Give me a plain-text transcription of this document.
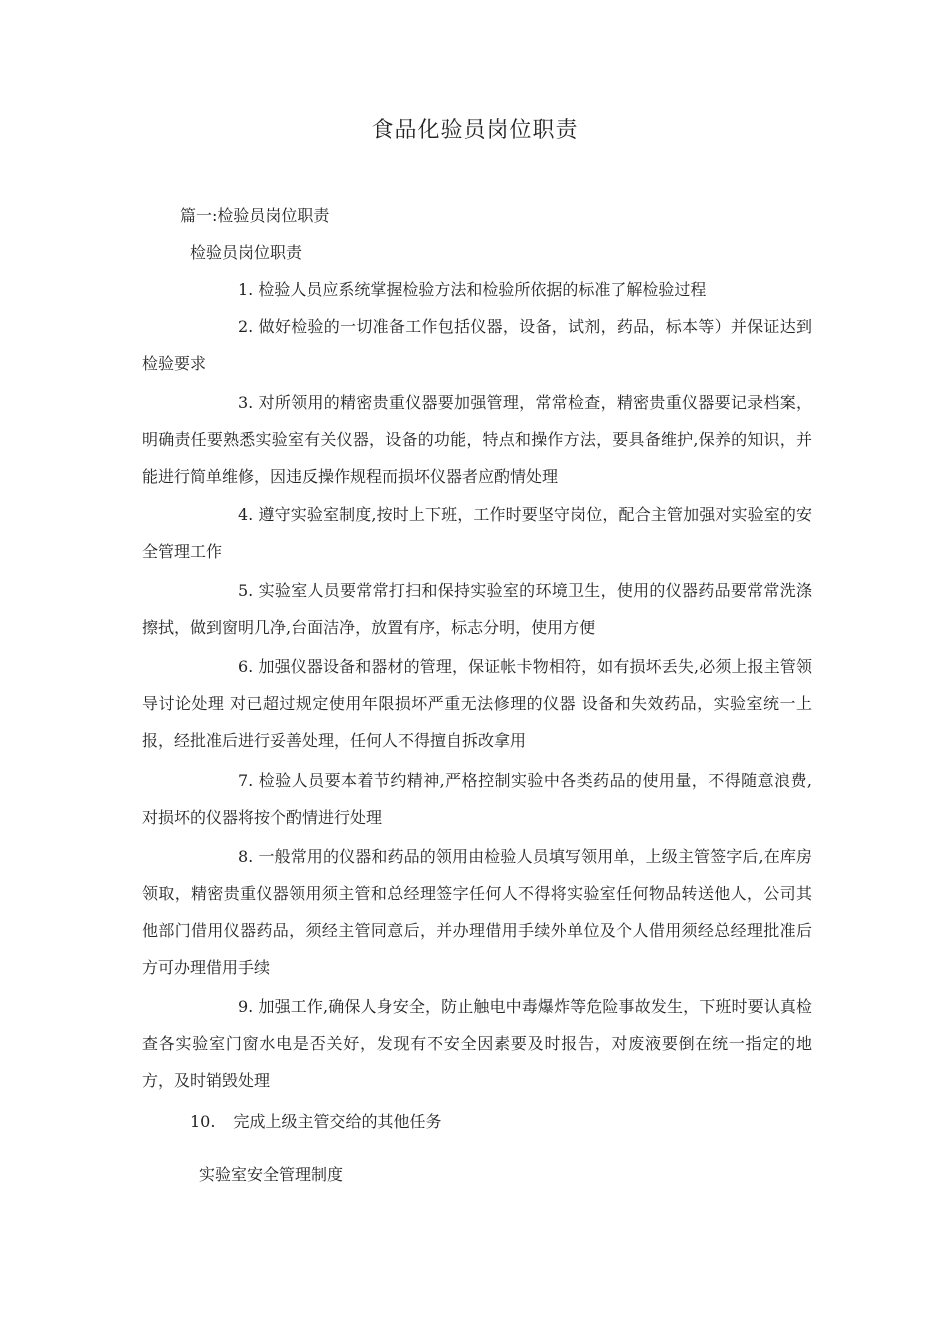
食品化验员岗位职责

篇一:检验员岗位职责

检验员岗位职责

1. 检验人员应系统掌握检验方法和检验所依据的标准了解检验过程

2. 做好检验的一切准备工作包括仪器，设备，试剂，药品，标本等）并保证达到检验要求

3. 对所领用的精密贵重仪器要加强管理，常常检查，精密贵重仪器要记录档案，明确责任要熟悉实验室有关仪器，设备的功能，特点和操作方法，要具备维护,保养的知识，并能进行简单维修，因违反操作规程而损坏仪器者应酌情处理

4. 遵守实验室制度,按时上下班，工作时要坚守岗位，配合主管加强对实验室的安全管理工作

5. 实验室人员要常常打扫和保持实验室的环境卫生，使用的仪器药品要常常洗涤擦拭，做到窗明几净,台面洁净，放置有序，标志分明，使用方便

6. 加强仪器设备和器材的管理，保证帐卡物相符，如有损坏丢失,必须上报主管领导讨论处理 对已超过规定使用年限损坏严重无法修理的仪器 设备和失效药品，实验室统一上报，经批准后进行妥善处理，任何人不得擅自拆改拿用

7. 检验人员要本着节约精神,严格控制实验中各类药品的使用量，不得随意浪费,对损坏的仪器将按个酌情进行处理

8. 一般常用的仪器和药品的领用由检验人员填写领用单，上级主管签字后,在库房领取，精密贵重仪器领用须主管和总经理签字任何人不得将实验室任何物品转送他人，公司其他部门借用仪器药品，须经主管同意后，并办理借用手续外单位及个人借用须经总经理批准后方可办理借用手续

9. 加强工作,确保人身安全，防止触电中毒爆炸等危险事故发生，下班时要认真检查各实验室门窗水电是否关好，发现有不安全因素要及时报告，对废液要倒在统一指定的地方，及时销毁处理

10. 完成上级主管交给的其他任务

实验室安全管理制度
